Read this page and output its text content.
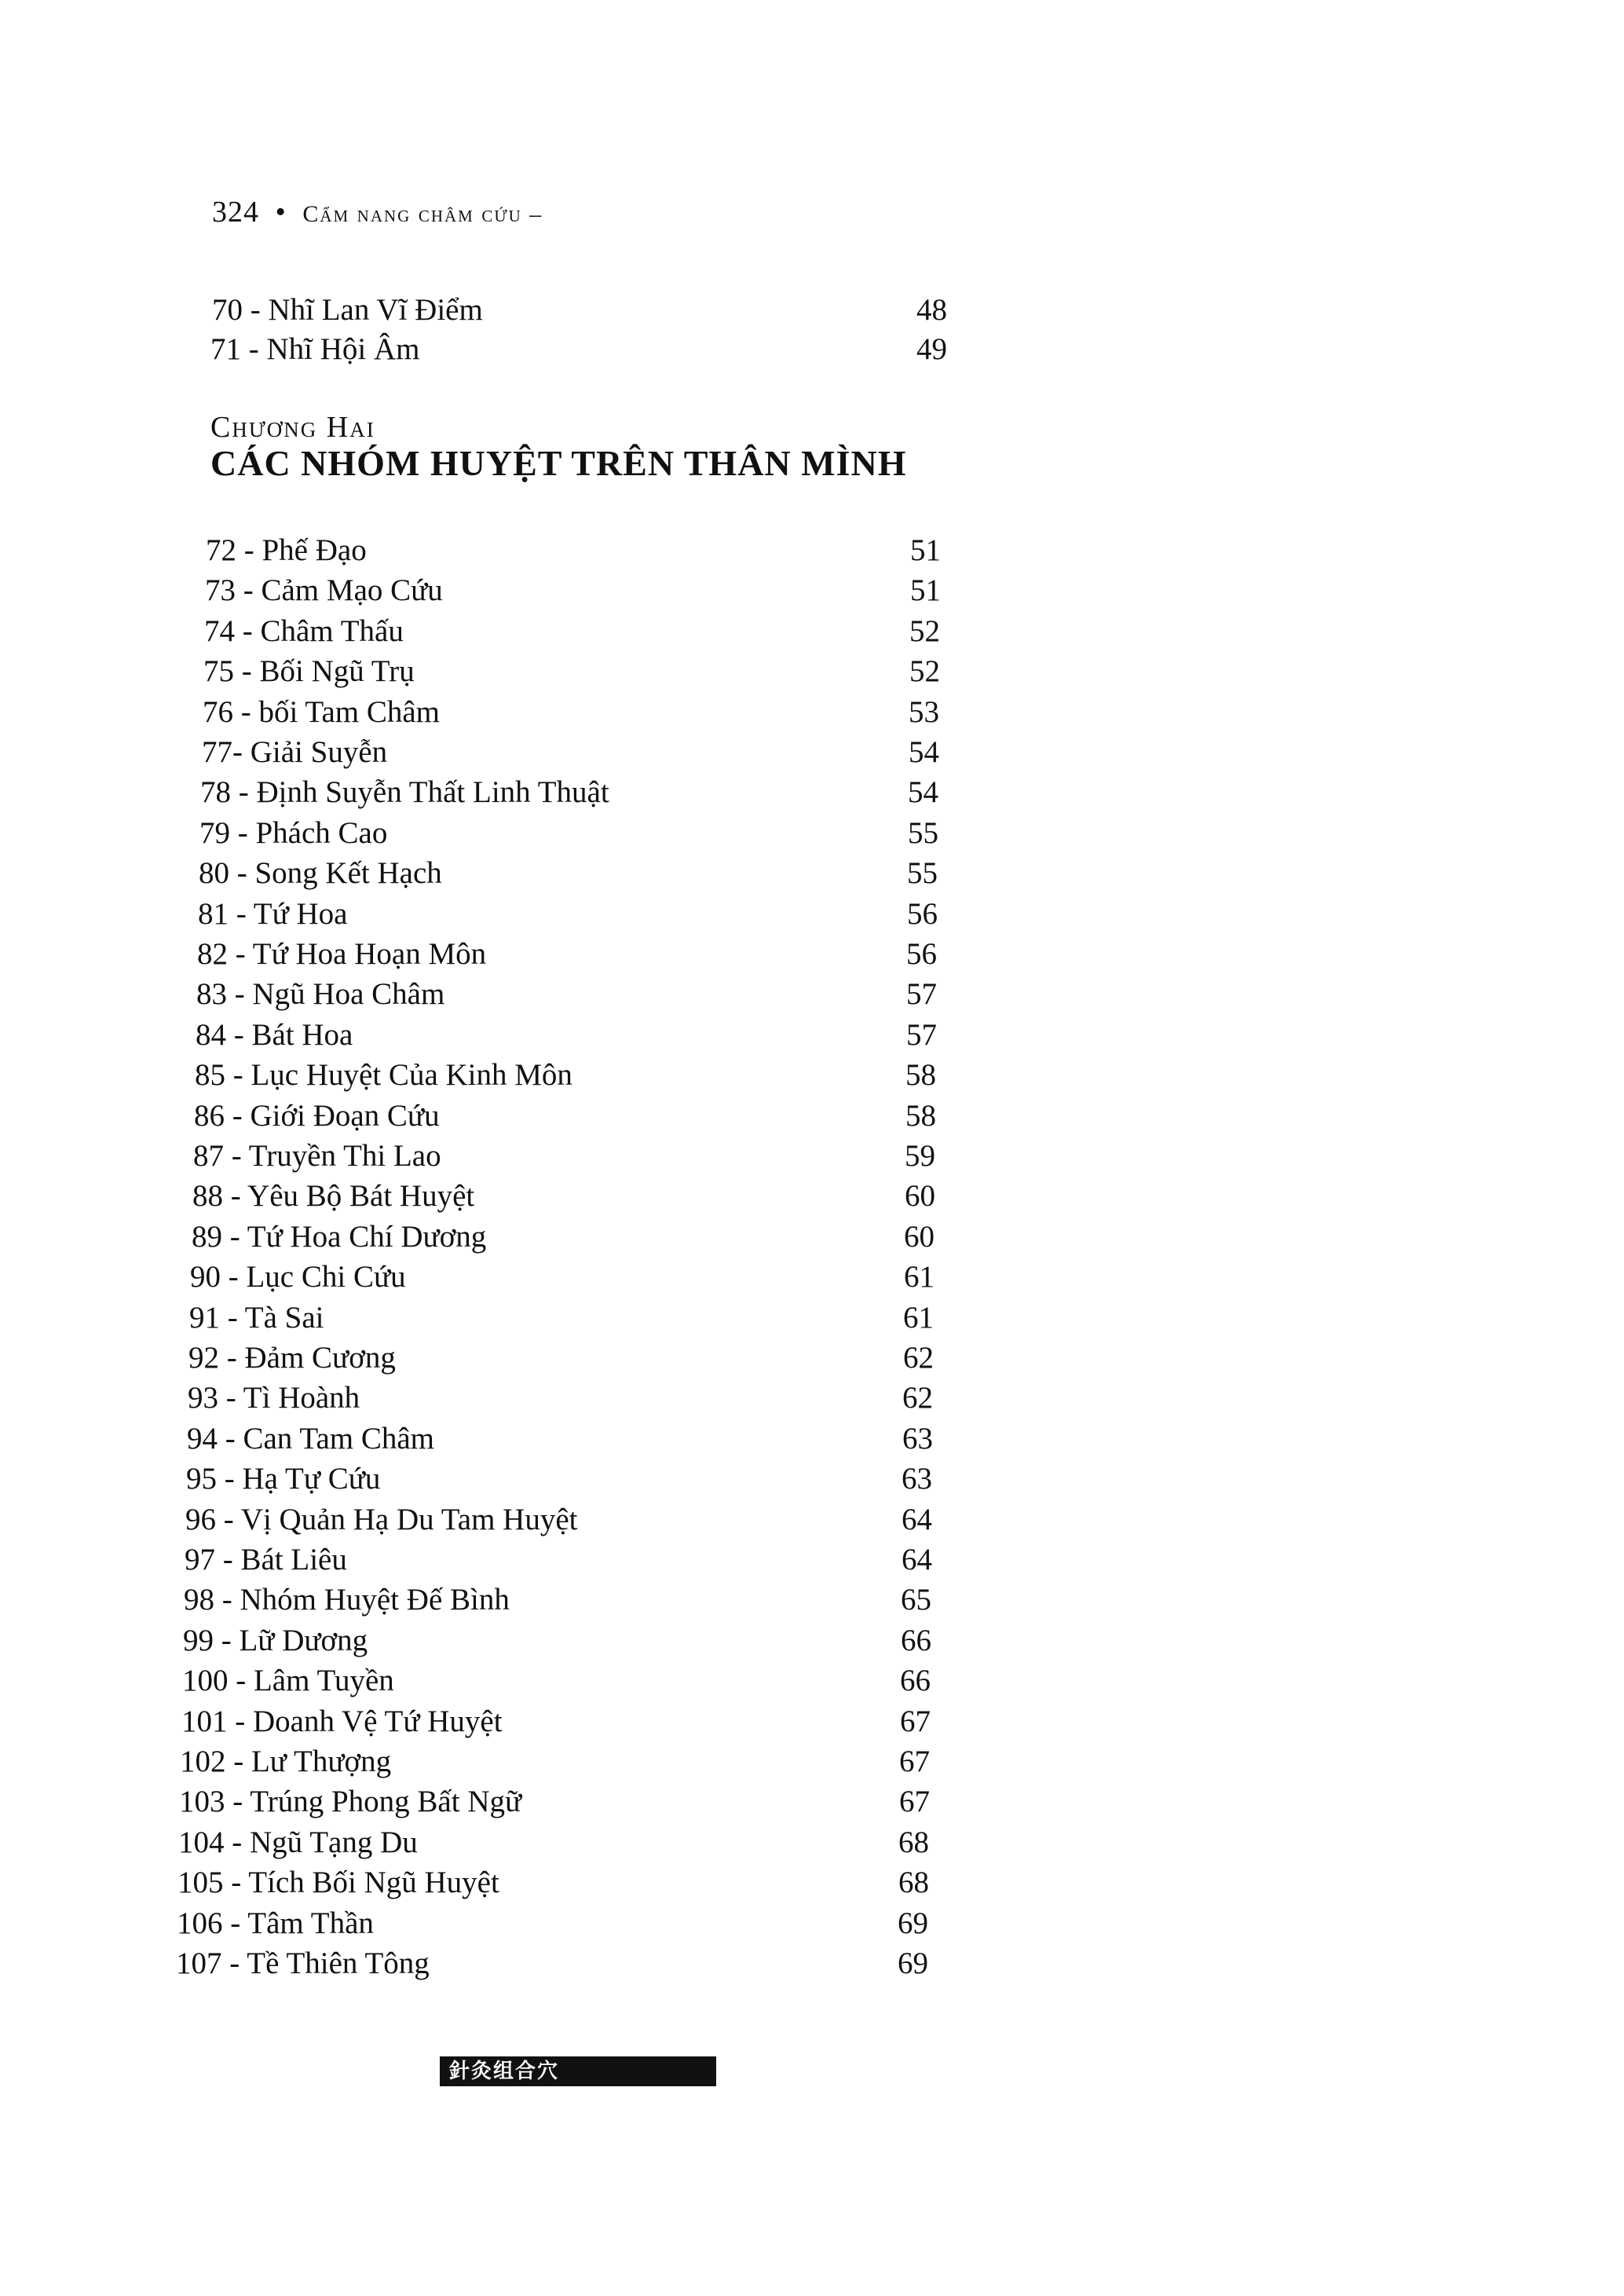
324 • Cẩm nang châm cứu –
70 - Nhĩ Lan Vĩ Điểm	48
71 - Nhĩ Hội Âm	49
Chương Hai
CÁC NHÓM HUYỆT TRÊN THÂN MÌNH
72 - Phế Đạo	51
73 - Cảm Mạo Cứu	51
74 - Châm Thấu	52
75 - Bối Ngũ Trụ	52
76 - bối Tam Châm	53
77- Giải Suyễn	54
78 - Định Suyễn Thất Linh Thuật	54
79 - Phách Cao	55
80 - Song Kết Hạch	55
81 - Tứ Hoa	56
82 - Tứ Hoa Hoạn Môn	56
83 - Ngũ Hoa Châm	57
84 - Bát Hoa	57
85 - Lục Huyệt Của Kinh Môn	58
86 - Giới Đoạn Cứu	58
87 - Truyền Thi Lao	59
88 - Yêu Bộ Bát Huyệt	60
89 - Tứ Hoa Chí Dương	60
90 - Lục Chi Cứu	61
91 - Tà Sai	61
92 - Đảm Cương	62
93 - Tì Hoành	62
94 - Can Tam Châm	63
95 - Hạ Tự Cứu	63
96 - Vị Quản Hạ Du Tam Huyệt	64
97 - Bát Liêu	64
98 - Nhóm Huyệt Đế Bình	65
99 - Lữ Dương	66
100 - Lâm Tuyền	66
101 - Doanh Vệ Tứ Huyệt	67
102 - Lư Thượng	67
103 - Trúng Phong Bất Ngữ	67
104 - Ngũ Tạng Du	68
105 - Tích Bối Ngũ Huyệt	68
106 - Tâm Thần	69
107 - Tề Thiên Tông	69
針灸组合穴
